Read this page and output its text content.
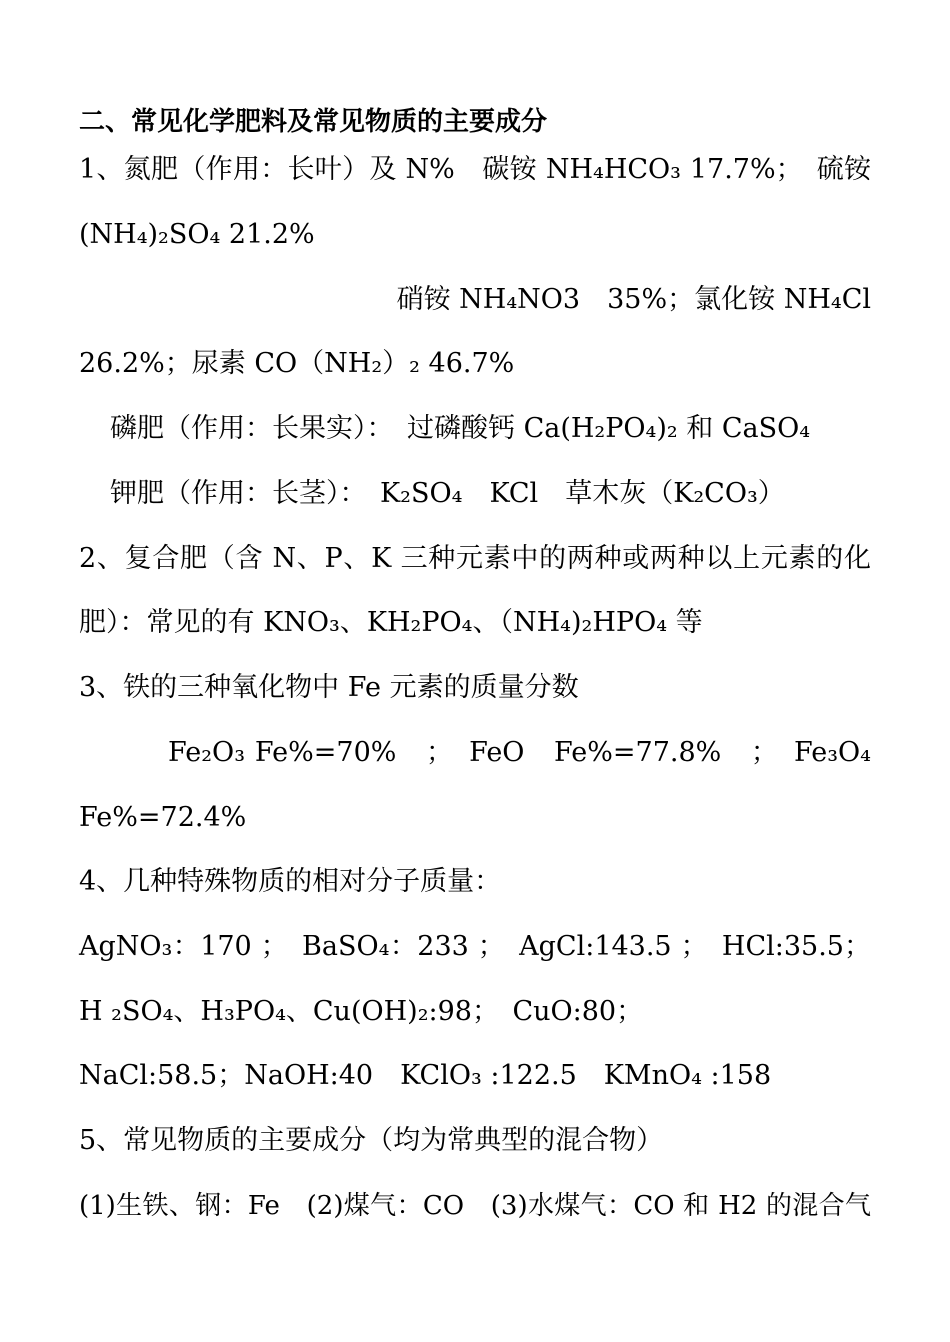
二、常见化学肥料及常见物质的主要成分
1、氮肥（作用：长叶）及 N%　碳铵 NH₄HCO₃ 17.7%；　硫铵
(NH₄)₂SO₄ 21.2%
硝铵 NH₄NO3　35%；氯化铵 NH₄Cl
26.2%；尿素 CO（NH₂）₂ 46.7%
磷肥（作用：长果实）：　过磷酸钙 Ca(H₂PO₄)₂ 和 CaSO₄
钾肥（作用：长茎）：　K₂SO₄　KCl　草木灰（K₂CO₃）
2、复合肥（含 N、P、K 三种元素中的两种或两种以上元素的化
肥）：常见的有 KNO₃、KH₂PO₄、（NH₄)₂HPO₄ 等
3、铁的三种氧化物中 Fe 元素的质量分数
Fe₂O₃ Fe%=70%　；　FeO　Fe%=77.8%　；　Fe₃O₄
Fe%=72.4%
4、几种特殊物质的相对分子质量：
AgNO₃：170 ；　BaSO₄：233 ；　AgCl:143.5 ；　HCl:35.5；
H ₂SO₄、H₃PO₄、Cu(OH)₂:98；　CuO:80；
NaCl:58.5；NaOH:40　KClO₃ :122.5　KMnO₄ :158
5、常见物质的主要成分（均为常典型的混合物）
(1)生铁、钢：Fe　(2)煤气：CO　(3)水煤气：CO 和 H2 的混合气
